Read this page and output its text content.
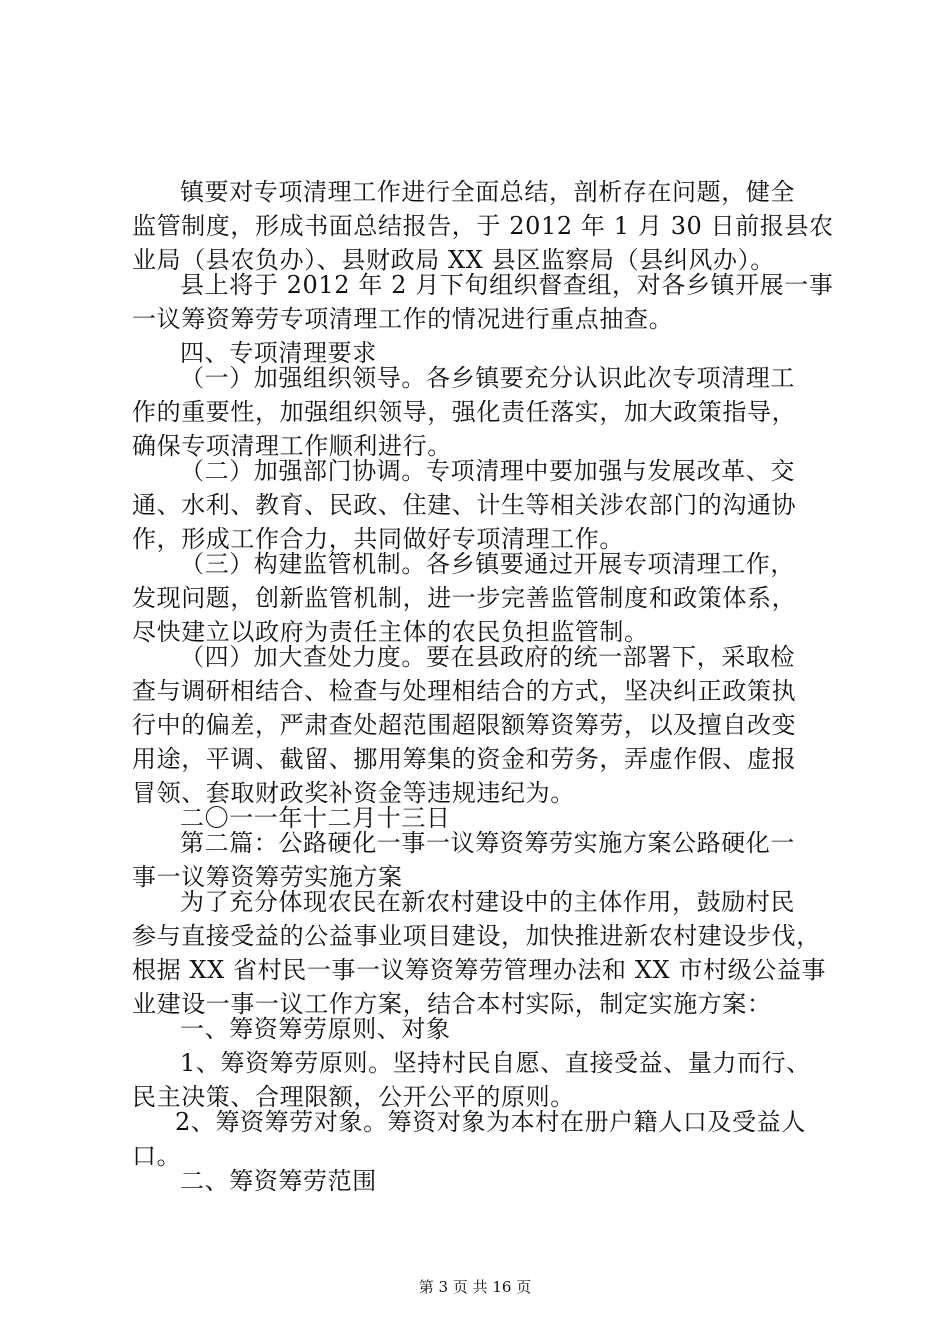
镇要对专项清理工作进行全面总结，剖析存在问题，健全
监管制度，形成书面总结报告，于 2012 年 1 月 30 日前报县农
业局（县农负办）、县财政局 XX 县区监察局（县纠风办）。
县上将于 2012 年 2 月下旬组织督查组，对各乡镇开展一事
一议筹资筹劳专项清理工作的情况进行重点抽查。
四、专项清理要求
（一）加强组织领导。各乡镇要充分认识此次专项清理工
作的重要性，加强组织领导，强化责任落实，加大政策指导，
确保专项清理工作顺利进行。
（二）加强部门协调。专项清理中要加强与发展改革、交
通、水利、教育、民政、住建、计生等相关涉农部门的沟通协
作，形成工作合力，共同做好专项清理工作。
（三）构建监管机制。各乡镇要通过开展专项清理工作，
发现问题，创新监管机制，进一步完善监管制度和政策体系，
尽快建立以政府为责任主体的农民负担监管制。
（四）加大查处力度。要在县政府的统一部署下，采取检
查与调研相结合、检查与处理相结合的方式，坚决纠正政策执
行中的偏差，严肃查处超范围超限额筹资筹劳，以及擅自改变
用途，平调、截留、挪用筹集的资金和劳务，弄虚作假、虚报
冒领、套取财政奖补资金等违规违纪为。
二〇一一年十二月十三日
第二篇：公路硬化一事一议筹资筹劳实施方案公路硬化一
事一议筹资筹劳实施方案
为了充分体现农民在新农村建设中的主体作用，鼓励村民
参与直接受益的公益事业项目建设，加快推进新农村建设步伐，
根据 XX 省村民一事一议筹资筹劳管理办法和 XX 市村级公益事
业建设一事一议工作方案，结合本村实际，制定实施方案：
一、筹资筹劳原则、对象
1、筹资筹劳原则。坚持村民自愿、直接受益、量力而行、
民主决策、合理限额，公开公平的原则。
2、筹资筹劳对象。筹资对象为本村在册户籍人口及受益人
口。
二、筹资筹劳范围
第 3 页 共 16 页
